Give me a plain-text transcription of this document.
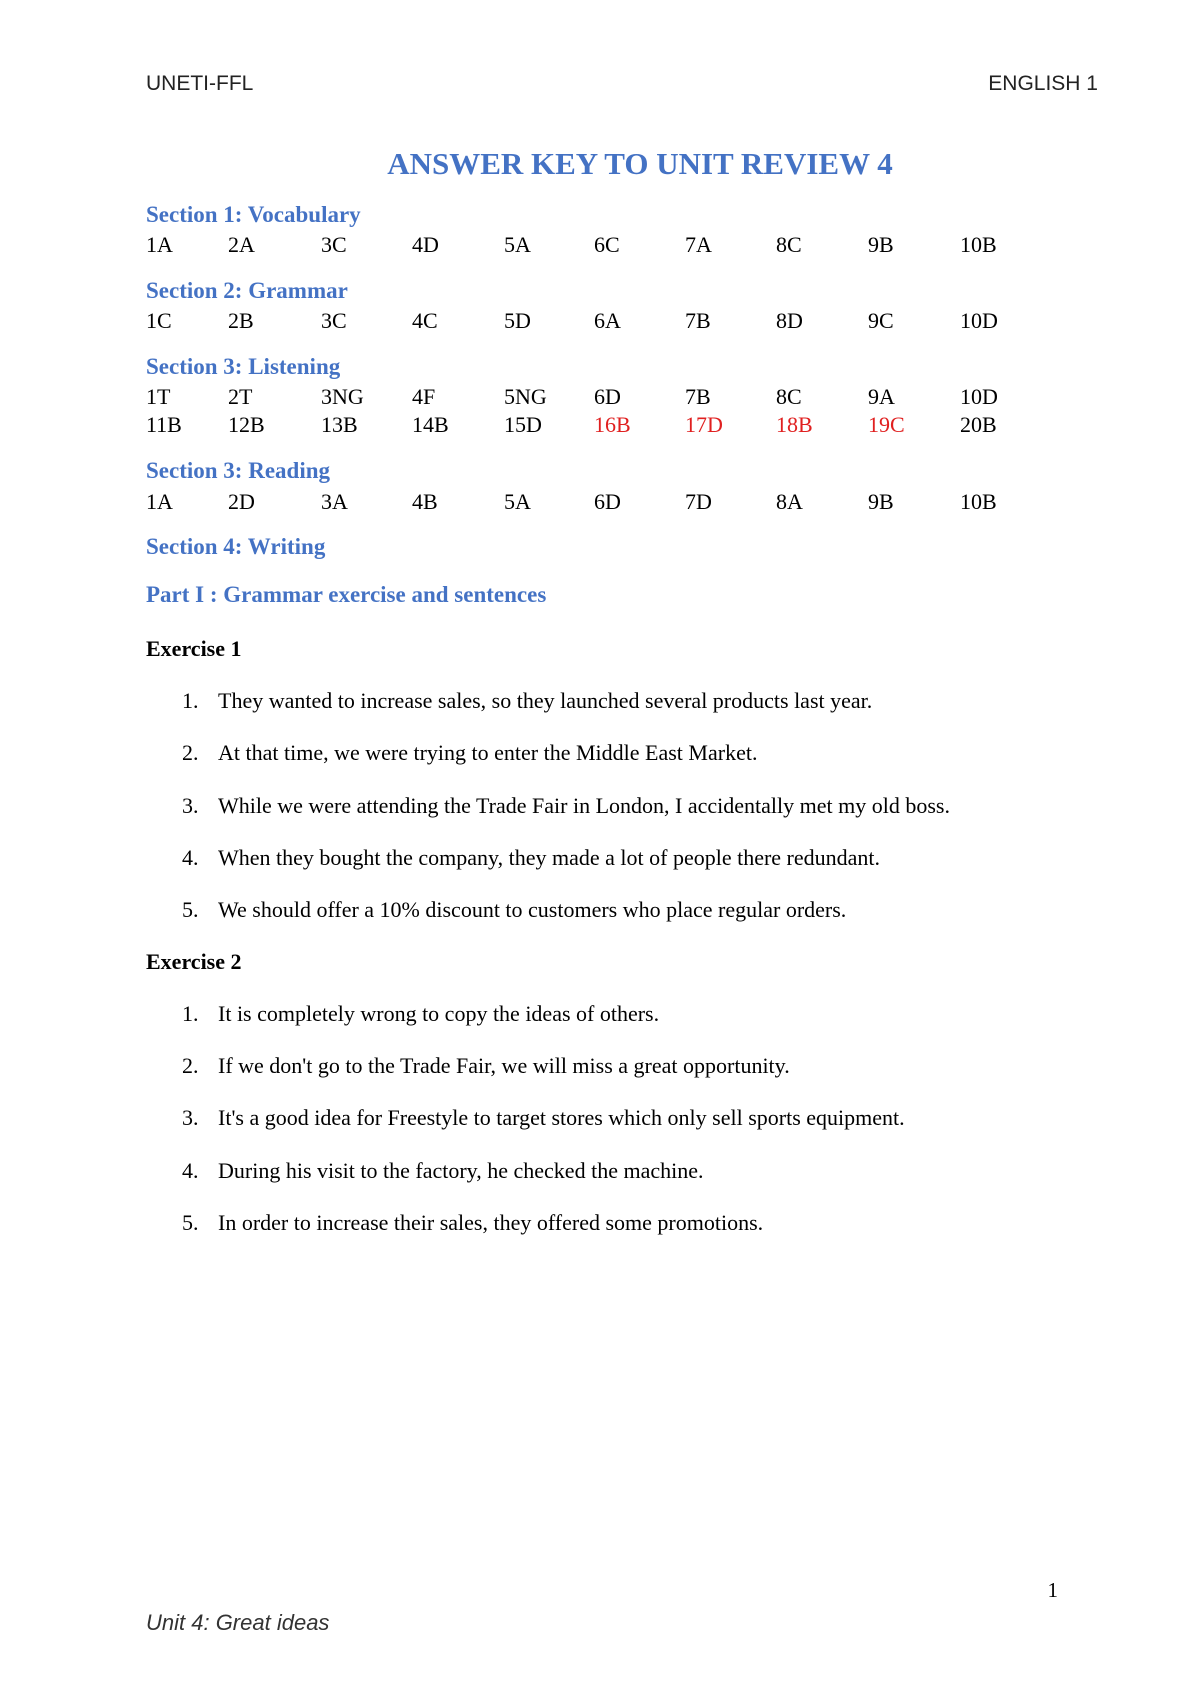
UNETI-FFL	ENGLISH 1
ANSWER KEY TO UNIT REVIEW 4
Section 1: Vocabulary
1A	2A	3C	4D	5A	6C	7A	8C	9B	10B
Section 2: Grammar
1C	2B	3C	4C	5D	6A	7B	8D	9C	10D
Section 3: Listening
1T	2T	3NG 4F	5NG 6D	7B	8C	9A	10D
11B 12B	13B 14B	15D 16B 17D 18B	19C	20B
Section 3: Reading
1A	2D	3A	4B	5A	6D	7D	8A	9B	10B
Section 4: Writing
Part I : Grammar exercise and sentences
Exercise 1
1. They wanted to increase sales, so they launched several products last year.
2. At that time, we were trying to enter the Middle East Market.
3. While we were attending the Trade Fair in London, I accidentally met my old boss.
4. When they bought the company, they made a lot of people there redundant.
5. We should offer a 10% discount to customers who place regular orders.
Exercise 2
1. It is completely wrong to copy the ideas of others.
2. If we don't go to the Trade Fair, we will miss a great opportunity.
3. It's a good idea for Freestyle to target stores which only sell sports equipment.
4. During his visit to the factory, he checked the machine.
5. In order to increase their sales, they offered some promotions.
1
Unit 4: Great ideas
